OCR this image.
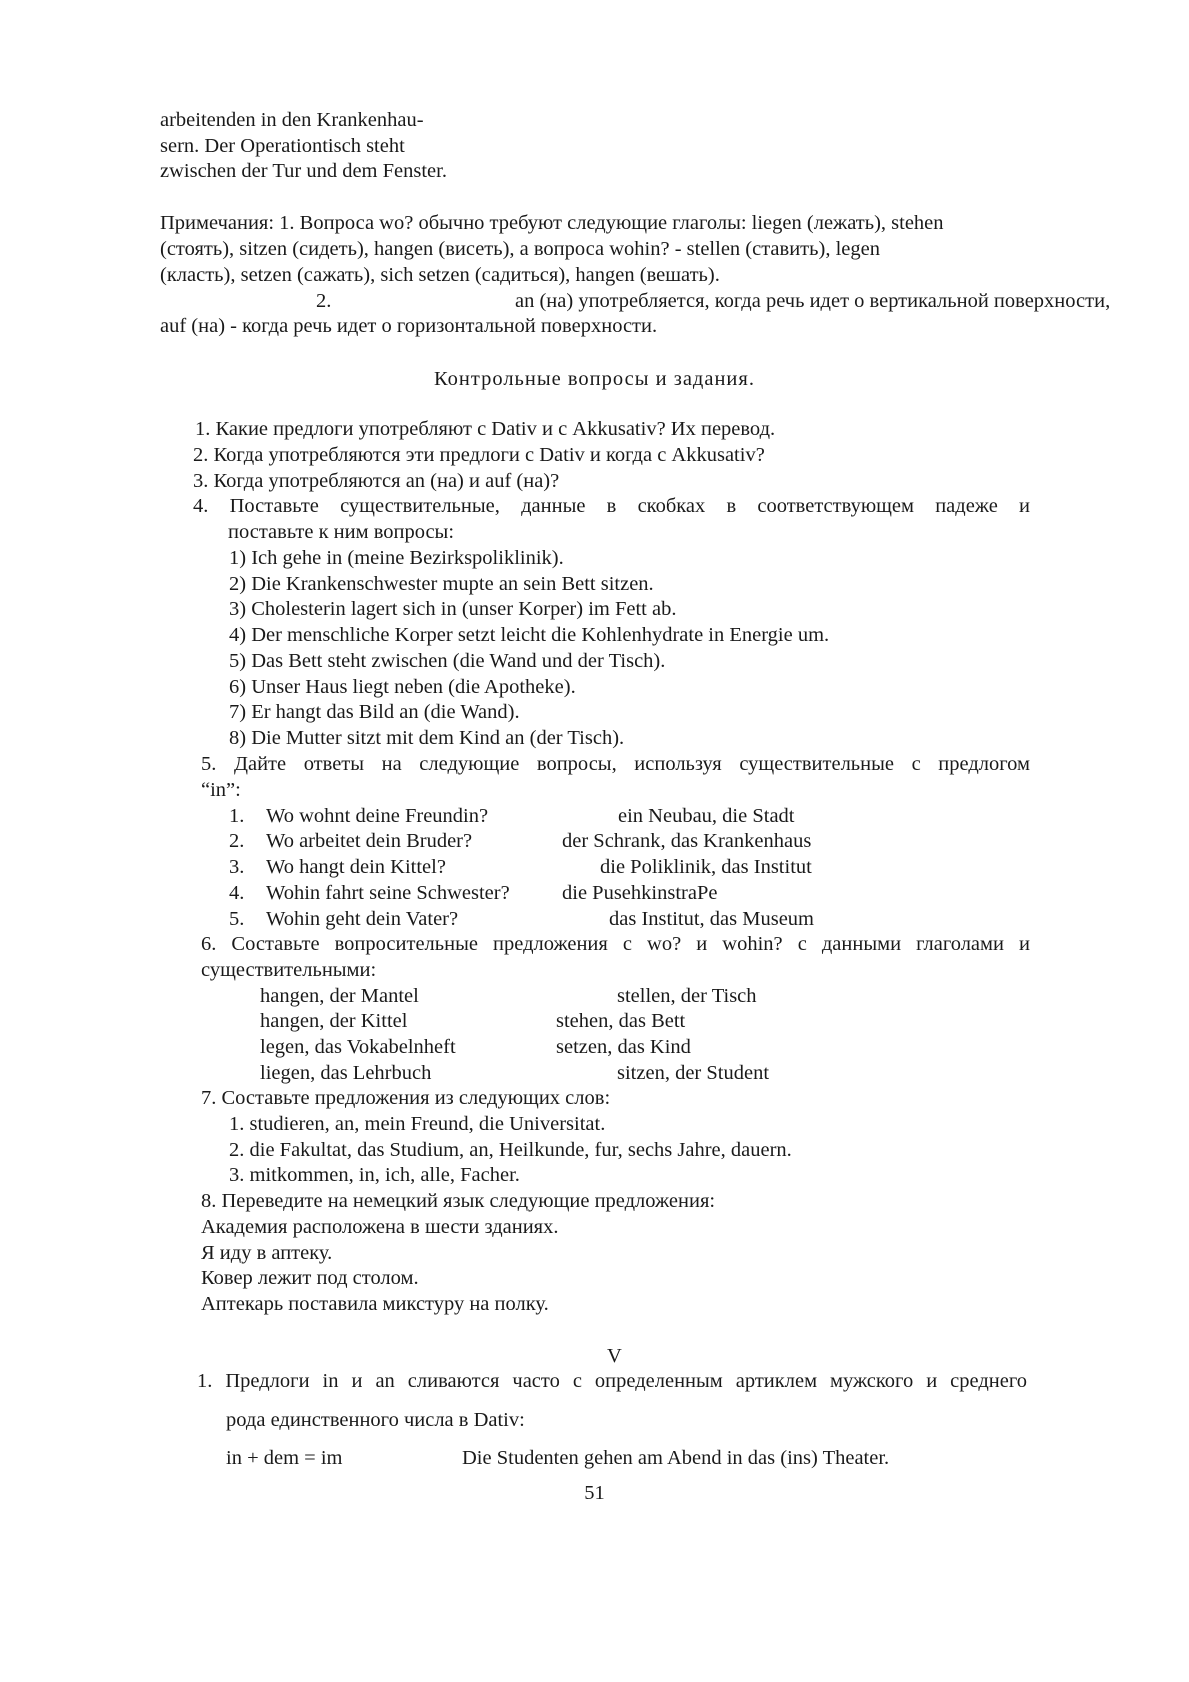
arbeitenden in den Krankenhau-
sern. Der Operationtisch steht
zwischen der Tur und dem Fenster.
Примечания: 1. Вопроса wo? обычно требуют следующие глаголы: liegen (лежать), stehen
(стоять), sitzen (сидеть), hangen (висеть), а вопроса wohin? - stellen (ставить), legen
(класть), setzen (сажать), sich setzen (садиться), hangen (вешать).
2.	an (на) употребляется, когда речь идет о вертикальной поверхности,
auf (на) - когда речь идет о горизонтальной поверхности.
Контрольные вопросы и задания.
1. Какие предлоги употребляют с Dativ и с Akkusativ? Их перевод.
2. Когда употребляются эти предлоги с Dativ и когда с Akkusativ?
3. Когда употребляются an (на) и auf (на)?
4. Поставьте существительные, данные в скобках в соответствующем падеже и
поставьте к ним вопросы:
1) Ich gehe in (meine Bezirkspoliklinik).
2) Die Krankenschwester mupte an sein Bett sitzen.
3) Cholesterin lagert sich in (unser Korper) im Fett ab.
4) Der menschliche Korper setzt leicht die Kohlenhydrate in Energie um.
5) Das Bett steht zwischen (die Wand und der Tisch).
6) Unser Haus liegt neben (die Apotheke).
7) Er hangt das Bild an (die Wand).
8) Die Mutter sitzt mit dem Kind an (der Tisch).
5. Дайте ответы на следующие вопросы, используя существительные с предлогом
“in”:
1. Wo wohnt deine Freundin?	ein Neubau, die Stadt
2. Wo arbeitet dein Bruder?	der Schrank, das Krankenhaus
3. Wo hangt dein Kittel?	die Poliklinik, das Institut
4. Wohin fahrt seine Schwester?	die PusehkinstraPe
5. Wohin geht dein Vater?	das Institut, das Museum
6. Составьте вопросительные предложения с wo? и wohin? с данными глаголами и
существительными:
hangen, der Mantel	stellen, der Tisch
hangen, der Kittel	stehen, das Bett
legen, das Vokabelnheft	setzen, das Kind
liegen, das Lehrbuch	sitzen, der Student
7. Составьте предложения из следующих слов:
1. studieren, an, mein Freund, die Universitat.
2. die Fakultat, das Studium, an, Heilkunde, fur, sechs Jahre, dauern.
3. mitkommen, in, ich, alle, Facher.
8. Переведите на немецкий язык следующие предложения:
Академия расположена в шести зданиях.
Я иду в аптеку.
Ковер лежит под столом.
Аптекарь поставила микстуру на полку.
V
1. Предлоги in и an сливаются часто с определенным артиклем мужского и среднего
рода единственного числа в Dativ:
in + dem = im	Die Studenten gehen am Abend in das (ins) Theater.
51
